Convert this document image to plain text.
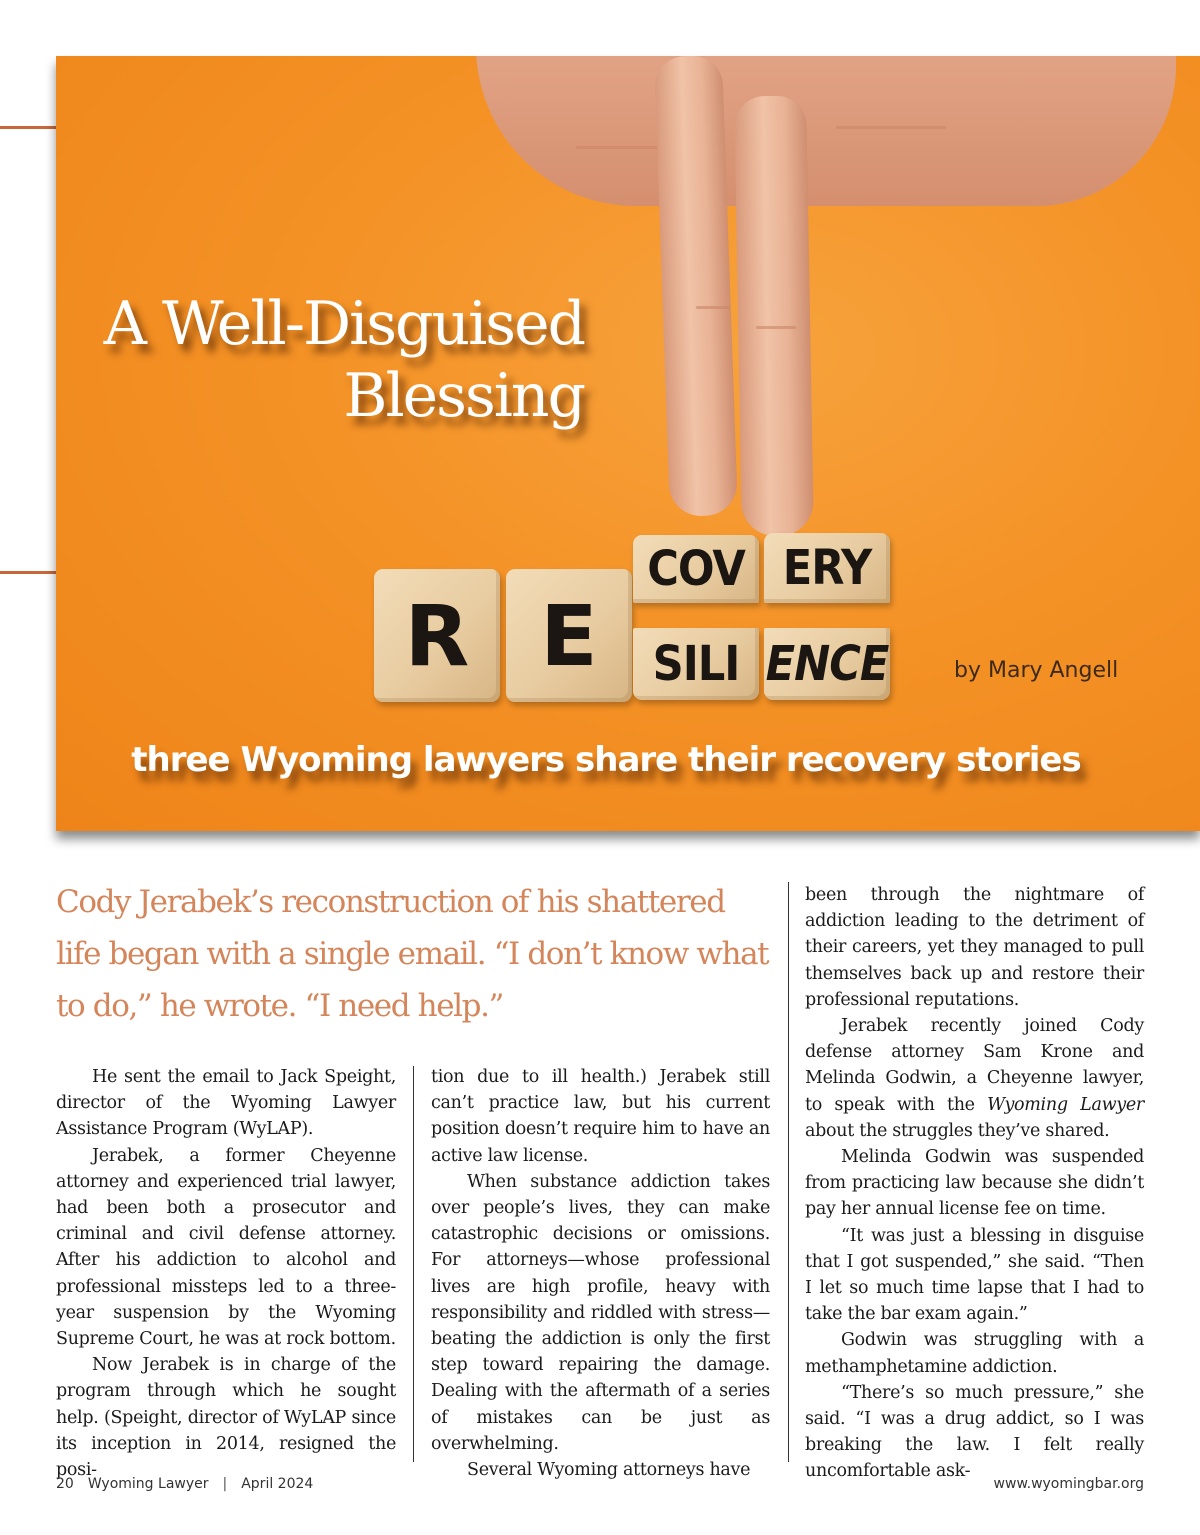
R E
COV ERY
SILI ENCE
A Well-Disguised
Blessing
by Mary Angell
three Wyoming lawyers share their recovery stories

Cody Jerabek’s reconstruction of his shattered life began with a single email. “I don’t know what to do,” he wrote. “I need help.”

He sent the email to Jack Speight, director of the Wyoming Lawyer Assistance Program (WyLAP).

Jerabek, a former Cheyenne attorney and experienced trial lawyer, had been both a prosecutor and criminal and civil defense attorney. After his addiction to alcohol and professional missteps led to a three-year suspension by the Wyoming Supreme Court, he was at rock bottom.

Now Jerabek is in charge of the program through which he sought help. (Speight, director of WyLAP since its inception in 2014, resigned the posi-

tion due to ill health.) Jerabek still can’t practice law, but his current position doesn’t require him to have an active law license.

When substance addiction takes over people’s lives, they can make catastrophic decisions or omissions. For attorneys—whose professional lives are high profile, heavy with responsibility and riddled with stress—beating the addiction is only the first step toward repairing the damage. Dealing with the aftermath of a series of mistakes can be just as overwhelming.

Several Wyoming attorneys have

been through the nightmare of addiction leading to the detriment of their careers, yet they managed to pull themselves back up and restore their professional reputations.

Jerabek recently joined Cody defense attorney Sam Krone and Melinda Godwin, a Cheyenne lawyer, to speak with the Wyoming Lawyer about the struggles they’ve shared.

Melinda Godwin was suspended from practicing law because she didn’t pay her annual license fee on time.

“It was just a blessing in disguise that I got suspended,” she said. “Then I let so much time lapse that I had to take the bar exam again.”

Godwin was struggling with a methamphetamine addiction.

“There’s so much pressure,” she said. “I was a drug addict, so I was breaking the law. I felt really uncomfortable ask-

20 Wyoming Lawyer | April 2024	www.wyomingbar.org
